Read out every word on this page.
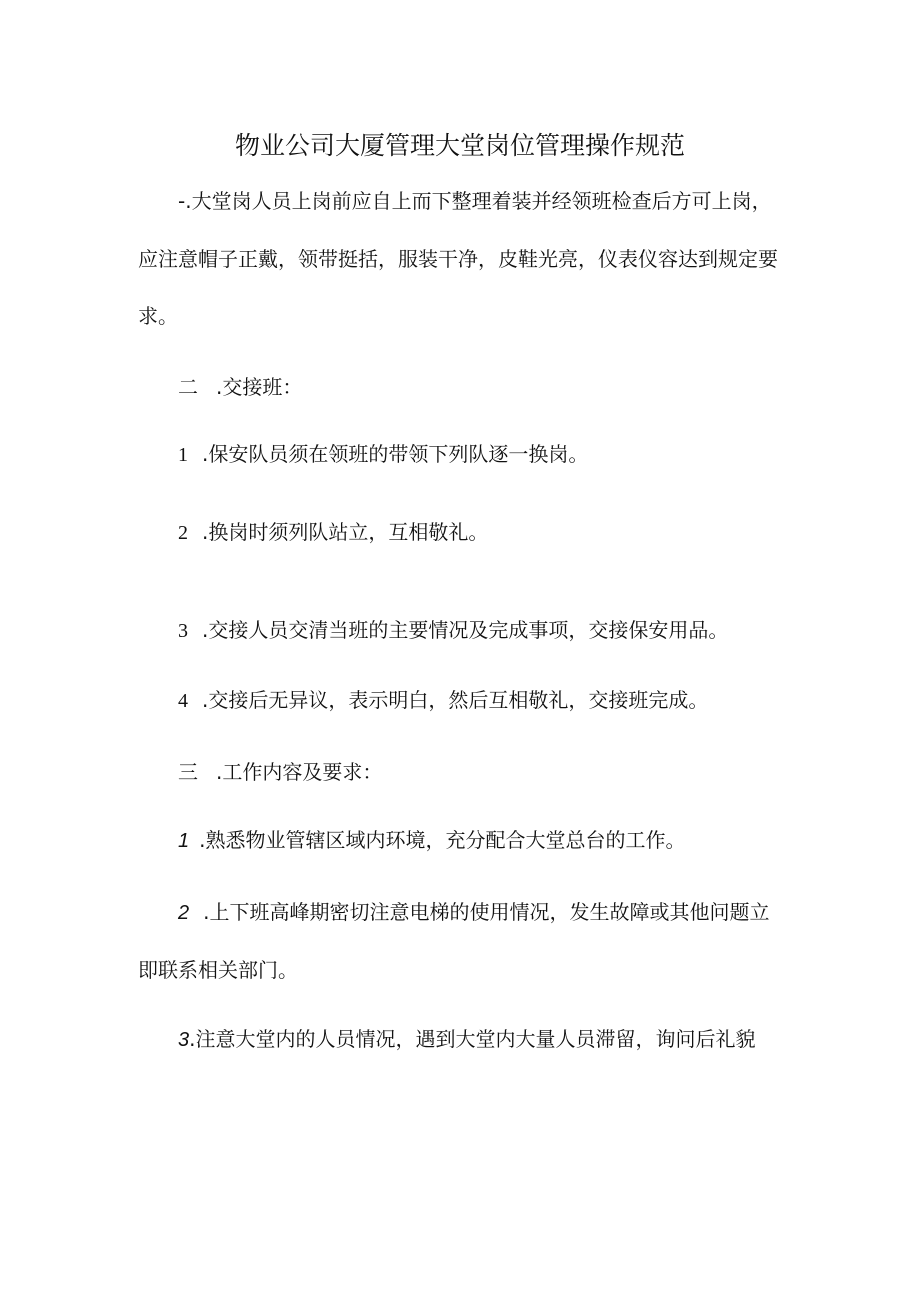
物业公司大厦管理大堂岗位管理操作规范
-.大堂岗人员上岗前应自上而下整理着装并经领班检查后方可上岗，
应注意帽子正戴，领带挺括，服装干净，皮鞋光亮，仪表仪容达到规定要
求。
二 .交接班：
1 .保安队员须在领班的带领下列队逐一换岗。
2 .换岗时须列队站立，互相敬礼。
3 .交接人员交清当班的主要情况及完成事项，交接保安用品。
4 .交接后无异议，表示明白，然后互相敬礼，交接班完成。
三 .工作内容及要求：
1 .熟悉物业管辖区域内环境，充分配合大堂总台的工作。
2 .上下班高峰期密切注意电梯的使用情况，发生故障或其他问题立
即联系相关部门。
3.注意大堂内的人员情况，遇到大堂内大量人员滞留，询问后礼貌
